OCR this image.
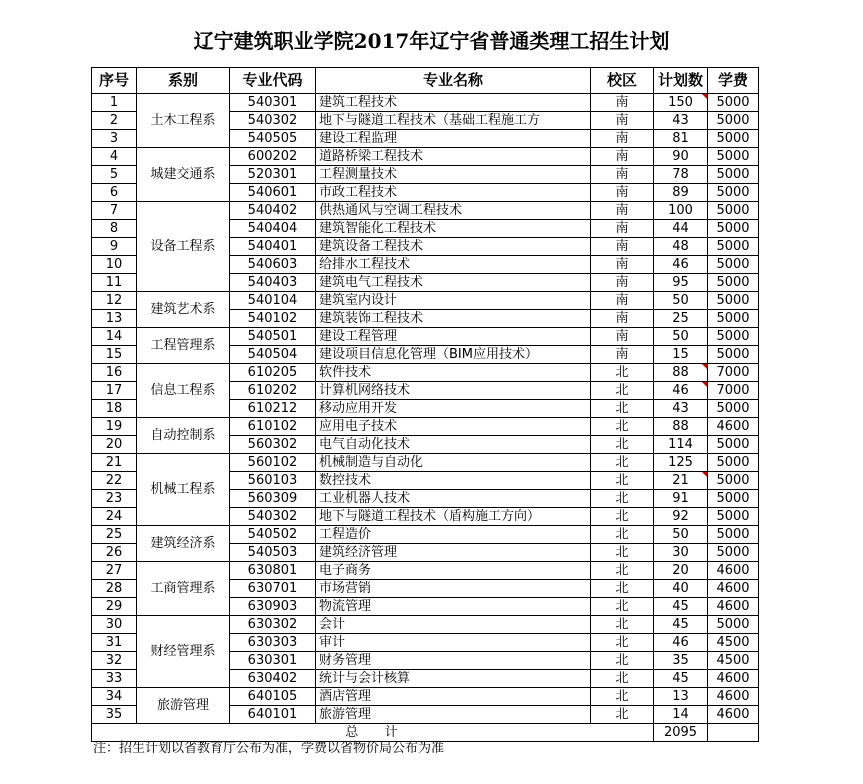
辽宁建筑职业学院2017年辽宁省普通类理工招生计划
序号	系别	专业代码	专业名称	校区	计划数	学费
1	土木工程系	540301	建筑工程技术	南	150	5000
2		540302	地下与隧道工程技术（基础工程施工方	南	43	5000
3		540505	建设工程监理	南	81	5000
4	城建交通系	600202	道路桥梁工程技术	南	90	5000
5		520301	工程测量技术	南	78	5000
6		540601	市政工程技术	南	89	5000
7	设备工程系	540402	供热通风与空调工程技术	南	100	5000
8		540404	建筑智能化工程技术	南	44	5000
9		540401	建筑设备工程技术	南	48	5000
10		540603	给排水工程技术	南	46	5000
11		540403	建筑电气工程技术	南	95	5000
12	建筑艺术系	540104	建筑室内设计	南	50	5000
13		540102	建筑装饰工程技术	南	25	5000
14	工程管理系	540501	建设工程管理	南	50	5000
15		540504	建设项目信息化管理（BIM应用技术）	南	15	5000
16	信息工程系	610205	软件技术	北	88	7000
17		610202	计算机网络技术	北	46	7000
18		610212	移动应用开发	北	43	5000
19	自动控制系	610102	应用电子技术	北	88	4600
20		560302	电气自动化技术	北	114	5000
21	机械工程系	560102	机械制造与自动化	北	125	5000
22		560103	数控技术	北	21	5000
23		560309	工业机器人技术	北	91	5000
24		540302	地下与隧道工程技术（盾构施工方向）	北	92	5000
25	建筑经济系	540502	工程造价	北	50	5000
26		540503	建筑经济管理	北	30	5000
27	工商管理系	630801	电子商务	北	20	4600
28		630701	市场营销	北	40	4600
29		630903	物流管理	北	45	4600
30	财经管理系	630302	会计	北	45	5000
31		630303	审计	北	46	4500
32		630301	财务管理	北	35	4500
33		630402	统计与会计核算	北	45	4600
34	旅游管理	640105	酒店管理	北	13	4600
35		640101	旅游管理	北	14	4600
总    计					2095	
注：招生计划以省教育厅公布为准，学费以省物价局公布为准
